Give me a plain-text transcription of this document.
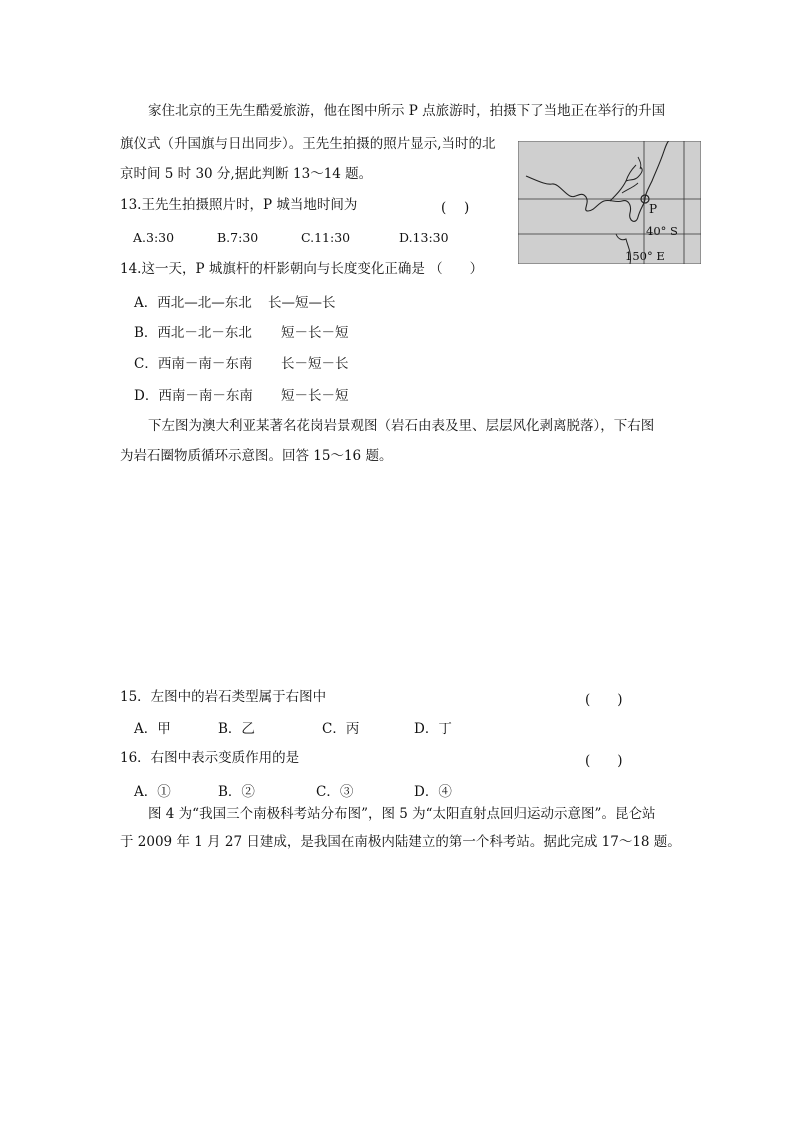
家住北京的王先生酷爱旅游，他在图中所示 P 点旅游时，拍摄下了当地正在举行的升国
旗仪式（升国旗与日出同步）。王先生拍摄的照片显示,当时的北
京时间 5 时 30 分,据此判断 13～14 题。
13.王先生拍摄照片时，P 城当地时间为	(　 )
A.3:30	B.7:30	C.11:30	D.13:30
14.这一天，P 城旗杆的杆影朝向与长度变化正确是 （　　）
A．西北—北—东北 长—短—长
B．西北－北－东北 短－长－短
C．西南－南－东南 长－短－长
D．西南－南－东南 短－长－短
P
40° S
150° E
下左图为澳大利亚某著名花岗岩景观图（岩石由表及里、层层风化剥离脱落），下右图
为岩石圈物质循环示意图。回答 15～16 题。
15．左图中的岩石类型属于右图中	(　　)
A．甲	B．乙	C．丙	D．丁
16．右图中表示变质作用的是	(　　)
A．①	B．②	C．③	D．④
图 4 为“我国三个南极科考站分布图”，图 5 为“太阳直射点回归运动示意图”。昆仑站
于 2009 年 1 月 27 日建成，是我国在南极内陆建立的第一个科考站。据此完成 17～18 题。
